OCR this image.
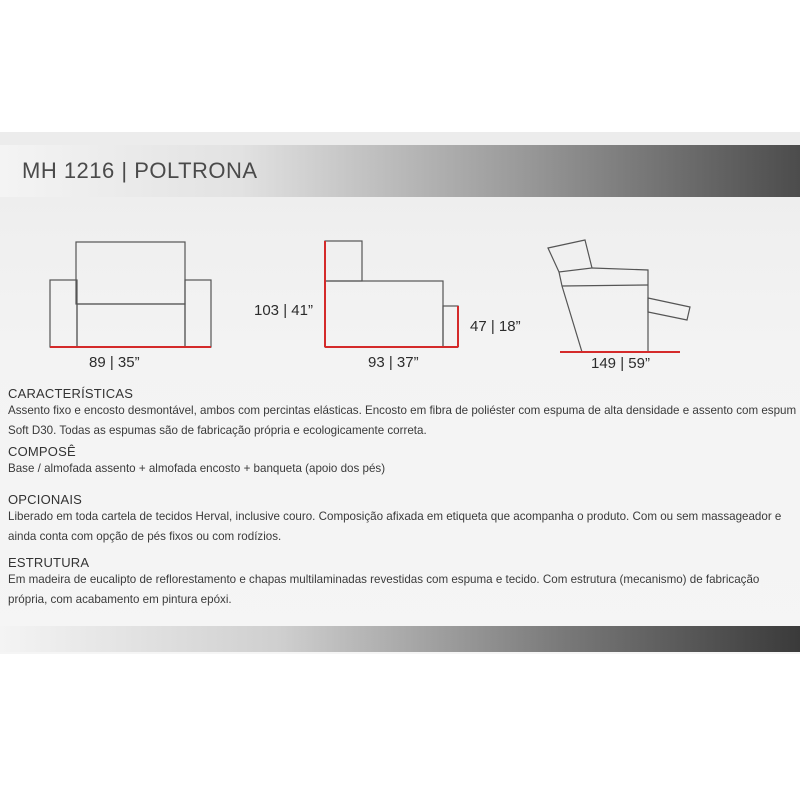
MH 1216 | POLTRONA
89 | 35”
103 | 41”
93 | 37”
47 | 18”
149 | 59”
CARACTERÍSTICAS

Assento fixo e encosto desmontável, ambos com percintas elásticas. Encosto em fibra de poliéster com espuma de alta densidade e assento com espum Soft D30. Todas as espumas são de fabricação própria e ecologicamente correta.

COMPOSÊ

Base / almofada assento + almofada encosto + banqueta (apoio dos pés)

OPCIONAIS

Liberado em toda cartela de tecidos Herval, inclusive couro. Composição afixada em etiqueta que acompanha o produto. Com ou sem massageador e ainda conta com opção de pés fixos ou com rodízios.

ESTRUTURA

Em madeira de eucalipto de reflorestamento e chapas multilaminadas revestidas com espuma e tecido. Com estrutura (mecanismo) de fabricação própria, com acabamento em pintura epóxi.
